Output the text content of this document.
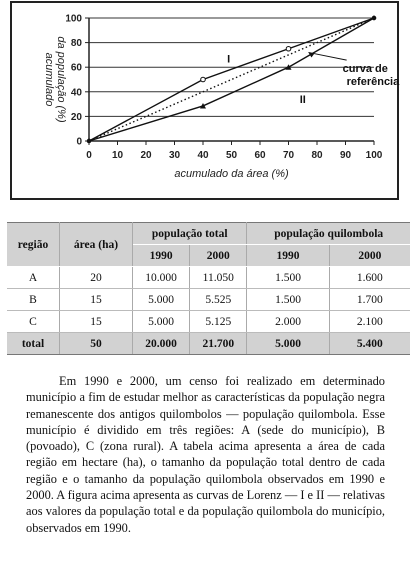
0 10 20 30 40 50 60 70 80 90 100
0
20
40
60
80
100
acumulado da área (%)
acumulado da população (%)	I
II
curva de
referência
região	área (ha)	população total		população quilombola	
		1990	2000	1990	2000
A	20	10.000	11.050	1.500	1.600
B	15	5.000	5.525	1.500	1.700
C	15	5.000	5.125	2.000	2.100
total	50	20.000	21.700	5.000	5.400

Em 1990 e 2000, um censo foi realizado em determinado município a fim de estudar melhor as características da população negra remanescente dos antigos quilombolos — população quilombola. Esse município é dividido em três regiões: A (sede do município), B (povoado), C (zona rural). A tabela acima apresenta a área de cada região em hectare (ha), o tamanho da população total dentro de cada região e o tamanho da população quilombola observados em 1990 e 2000. A figura acima apresenta as curvas de Lorenz — I e II — relativas aos valores da população total e da população quilombola do município, observados em 1990.
